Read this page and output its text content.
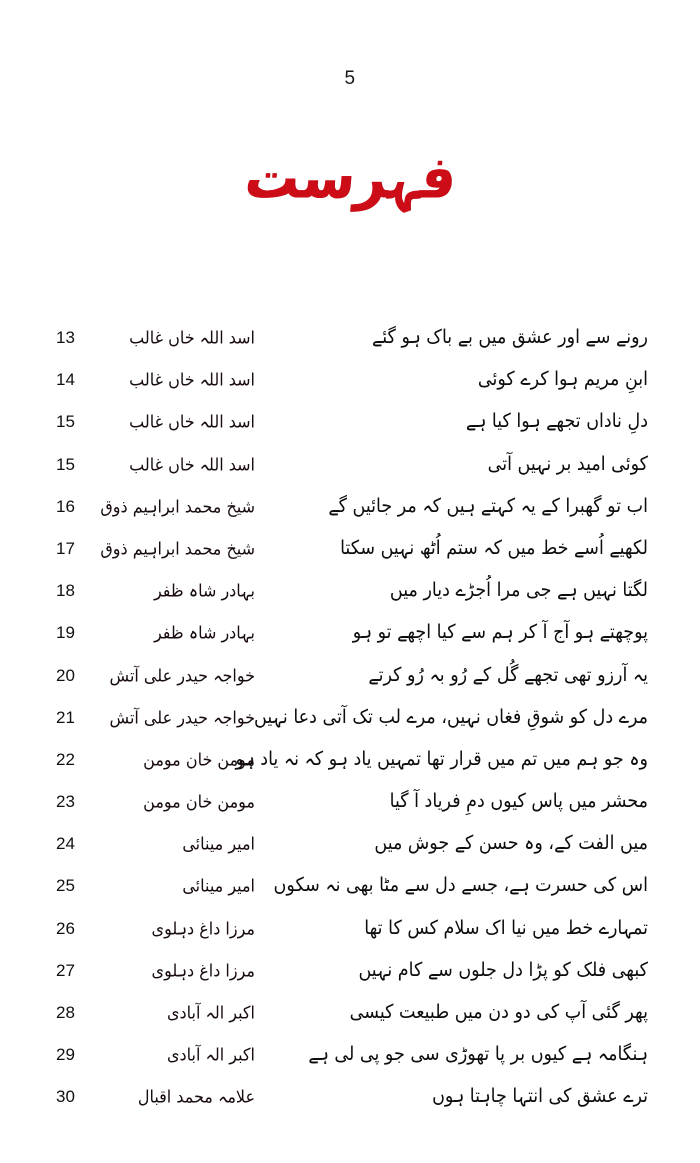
5
فہرست
رونے سے اور عشق میں بے باک ہو گئے
اسد اللہ خاں غالب
13
ابنِ مریم ہوا کرے کوئی
اسد اللہ خاں غالب
14
دلِ ناداں تجھے ہوا کیا ہے
اسد اللہ خاں غالب
15
کوئی امید بر نہیں آتی
اسد اللہ خاں غالب
15
اب تو گھبرا کے یہ کہتے ہیں کہ مر جائیں گے
شیخ محمد ابراہیم ذوق
16
لکھیے اُسے خط میں کہ ستم اُٹھ نہیں سکتا
شیخ محمد ابراہیم ذوق
17
لگتا نہیں ہے جی مرا اُجڑے دیار میں
بہادر شاہ ظفر
18
پوچھتے ہو آج آ کر ہم سے کیا اچھے تو ہو
بہادر شاہ ظفر
19
یہ آرزو تھی تجھے گُل کے رُو بہ رُو کرتے
خواجہ حیدر علی آتش
20
مرے دل کو شوقِ فغاں نہیں، مرے لب تک آتی دعا نہیں
خواجہ حیدر علی آتش
21
وہ جو ہم میں تم میں قرار تھا تمہیں یاد ہو کہ نہ یاد ہو
مومن خان مومن
22
محشر میں پاس کیوں دمِ فریاد آ گیا
مومن خان مومن
23
میں الفت کے، وہ حسن کے جوش میں
امیر مینائی
24
اس کی حسرت ہے، جسے دل سے مٹا بھی نہ سکوں
امیر مینائی
25
تمہارے خط میں نیا اک سلام کس کا تھا
مرزا داغ دہلوی
26
کبھی فلک کو پڑا دل جلوں سے کام نہیں
مرزا داغ دہلوی
27
پھر گئی آپ کی دو دن میں طبیعت کیسی
اکبر الہ آبادی
28
ہنگامہ ہے کیوں بر پا تھوڑی سی جو پی لی ہے
اکبر الہ آبادی
29
ترے عشق کی انتہا چاہتا ہوں
علامہ محمد اقبال
30
